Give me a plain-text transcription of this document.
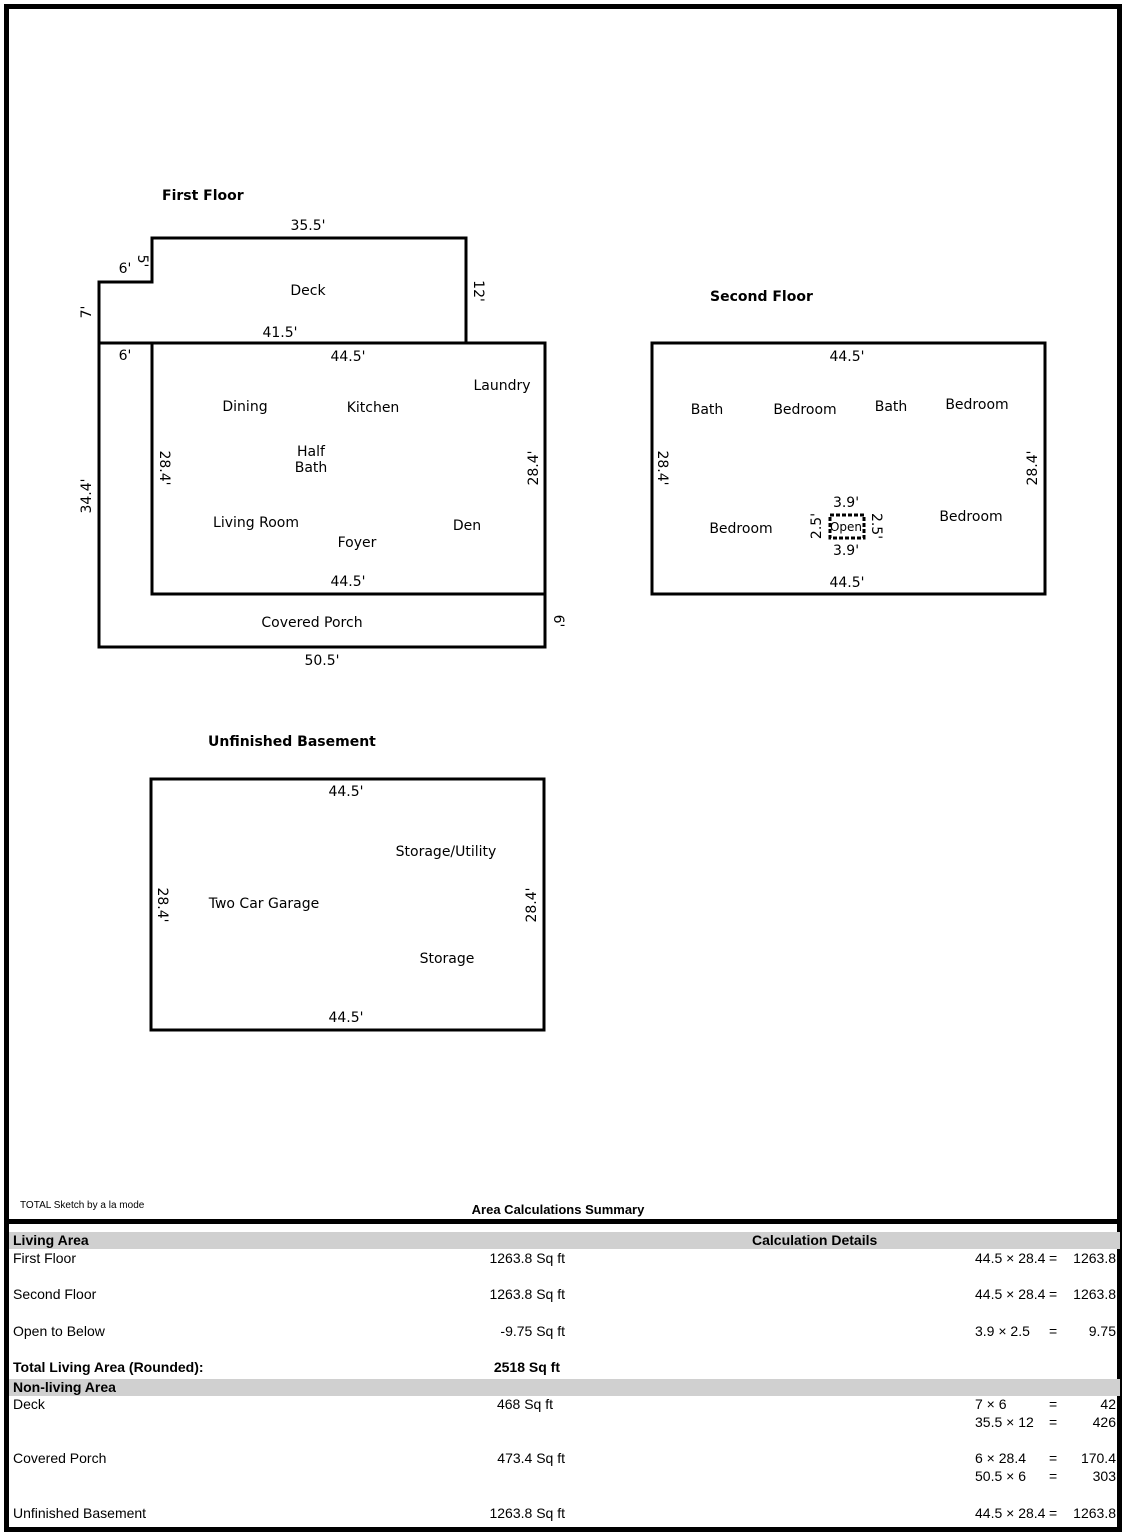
First Floor
35.5'
6' 5'
12'
7'
41.5'
Deck
6'	44.5'
28.4'	28.4'
44.5'
34.4'
6'
50.5'
Dining	Kitchen
Laundry
Half
Bath
Living Room
Foyer
Den
Covered Porch
Second Floor
44.5'
44.5'
28.4'	28.4'
3.9'
3.9'
2.5'	2.5'
Open
Bath	Bedroom	Bath	Bedroom
Bedroom
Bedroom
Unfinished Basement
44.5'
44.5'
28.4'	28.4'
Two Car Garage
Storage/Utility
Storage
TOTAL Sketch by a la mode	Area Calculations Summary
Living Area	Calculation Details
First Floor	1263.8 Sq ft	44.5 × 28.4 =	1263.8
Second Floor	1263.8 Sq ft	44.5 × 28.4 =	1263.8
Open to Below	-9.75 Sq ft	3.9 × 2.5 =	9.75
Total Living Area (Rounded):	2518 Sq ft
Non-living Area
Deck	468 Sq ft	7 × 6	=	42
35.5 × 12 =	426
Covered Porch	473.4 Sq ft	6 × 28.4 =	170.4
50.5 × 6 =	303
Unfinished Basement	1263.8 Sq ft	44.5 × 28.4 =	1263.8
